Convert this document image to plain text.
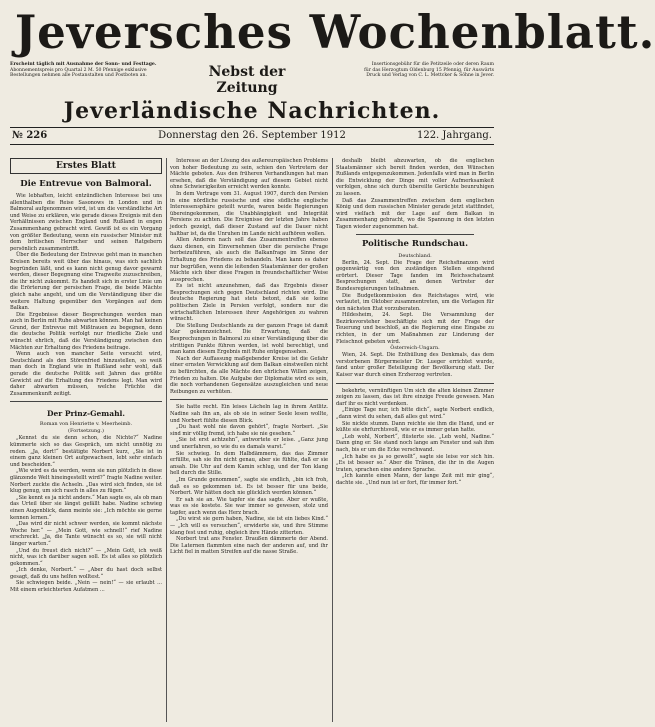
Jeversches Wochenblatt.
Erscheint täglich mit Ausnahme der Sonn- und Festtage.
Abonnementspreis pro Quartal 2 M. 50 Pfennige exklusive
Bestellungen nehmen alle Postanstalten und Postboten an.	Nebst der Zeitung
Insertionsgebühr für die Petitzeile oder deren Raum
für das Herzogtum Oldenburg 15 Pfennig, für Auswärts
Druck und Verlag von C. L. Mettcker & Söhne in Jever.
Jeverländische Nachrichten.
№ 226	Donnerstag den 26. September 1912	122. Jahrgang.
Erstes Blatt
Die Entrevue von Balmoral.

Wie lebhaften, leicht entzündlichen Interesse bei uns allenthalben die Reise Sasonows in London und in Balmoral aufgenommen wird, ist um die verständliche Art und Weise zu erklären, wie gerade dieses Ereignis mit den Verhältnissen zwischen England und Rußland in engen Zusammenhang gebracht wird. Gewiß ist es ein Vorgang von größter Bedeutung, wenn ein russischer Minister mit dem britischen Herrscher und seinen Ratgebern persönlich zusammentrifft.

Über die Bedeutung der Entrevue geht man in manchen Kreisen bereits weit über das hinaus, was sich sachlich begründen läßt, und es kann nicht genug davor gewarnt werden, dieser Begegnung eine Tragweite zuzuschreiben, die ihr nicht zukommt. Es handelt sich in erster Linie um die Erörterung der persischen Frage, die beide Mächte gleich nahe angeht, und um die Verständigung über die weitere Haltung gegenüber den Vorgängen auf dem Balkan.

Die Ergebnisse dieser Besprechungen werden man auch in Berlin mit Ruhe abwarten können. Man hat keinen Grund, der Entrevue mit Mißtrauen zu begegnen, denn die deutsche Politik verfolgt nur friedliche Ziele und wünscht ehrlich, daß die Verständigung zwischen den Mächten zur Erhaltung des Friedens beitrage.

Wenn auch von mancher Seite versucht wird, Deutschland als den Störenfried hinzustellen, so weiß man doch in England wie in Rußland sehr wohl, daß gerade die deutsche Politik seit Jahren das größte Gewicht auf die Erhaltung des Friedens legt. Man wird daher abwarten müssen, welche Früchte die Zusammenkunft zeitigt.

Der Prinz-Gemahl.
Roman von Henriette v. Meerheimb.
(Fortsetzung.)

„Kennst du sie denn schon, die Nichte?“ Nadine kümmerte sich so das Gespräch, um nicht unnötig zu reden. „Ja, dort!“ bestätigte Norbert kurz, „Sie ist in einem ganz kleinen Ort aufgewachsen, lebt sehr einfach und bescheiden.“

„Wie wird es da werden, wenn sie nun plötzlich in diese glänzende Welt hineingestellt wird?“ fragte Nadine weiter. Norbert zuckte die Achseln. „Das wird sich finden, sie ist klug genug, um sich rasch in alles zu fügen.“

„Sie kennt es ja nicht anders.“ Man sagte es, als ob man das Urteil über sie längst gefällt habe. Nadine schwieg einen Augenblick, dann meinte sie: „Ich möchte sie gerne kennen lernen.“

„Das wird dir nicht schwer werden, sie kommt nächste Woche her.“ — „Mein Gott, wie schnell!“ rief Nadine erschreckt. „Ja, die Tante wünscht es so, sie will nicht länger warten.“

„Und du freust dich nicht?“ — „Mein Gott, ich weiß nicht, was ich darüber sagen soll. Es ist alles so plötzlich gekommen.“

„Ich denke, Norbert.“ — „Aber du hast doch selbst gesagt, daß du uns helfen wolltest.“

Sie schwiegen beide. „Nein — nein!“ — sie erlaubt ... Mit einem erleichterten Aufatmen ...

Interesse an der Lösung des außereuropäischen Problems von hoher Bedeutung zu sein, schien den Vertretern der Mächte geboten. Aus den früheren Verhandlungen hat man ersehen, daß die Verständigung auf diesem Gebiet nicht ohne Schwierigkeiten erreicht werden konnte.

In dem Vertrage vom 31. August 1907, durch den Persien in eine nördliche russische und eine südliche englische Interessensphäre geteilt wurde, waren beide Regierungen übereingekommen, die Unabhängigkeit und Integrität Persiens zu achten. Die Ereignisse der letzten Jahre haben jedoch gezeigt, daß dieser Zustand auf die Dauer nicht haltbar ist, da die Unruhen im Lande nicht aufhören wollen.

Allen Anderen nach soll das Zusammentreffen ebenso dazu dienen, ein Einvernehmen über die persische Frage herbeizuführen, als auch die Balkanfrage im Sinne der Erhaltung des Friedens zu behandeln. Man kann es daher nur begrüßen, wenn die leitenden Staatsmänner der großen Mächte sich über diese Fragen in freundschaftlicher Weise aussprechen.

Es ist nicht anzunehmen, daß das Ergebnis dieser Besprechungen sich gegen Deutschland richten wird. Die deutsche Regierung hat stets betont, daß sie keine politischen Ziele in Persien verfolgt, sondern nur die wirtschaftlichen Interessen ihrer Angehörigen zu wahren wünscht.

Die Stellung Deutschlands zu der ganzen Frage ist damit klar gekennzeichnet. Die Erwartung, daß die Besprechungen in Balmoral zu einer Verständigung über die strittigen Punkte führen werden, ist wohl berechtigt, und man kann diesem Ergebnis mit Ruhe entgegensehen.

Nach der Auffassung maßgebender Kreise ist die Gefahr einer ernsten Verwicklung auf dem Balkan einstweilen nicht zu befürchten, da alle Mächte den ehrlichen Willen zeigen, Frieden zu halten. Die Aufgabe der Diplomatie wird es sein, die noch vorhandenen Gegensätze auszugleichen und neue Reibungen zu verhüten.

Sie hatte recht. Ein leises Lächeln lag in ihrem Antlitz. Nadine sah ihn an, als ob sie in seiner Seele lesen wollte, und Norbert fühlte diesen Blick.

„Du hast wohl nie davon gehört“, fragte Norbert. „Sie sind mir völlig fremd, ich habe sie nie gesehen.“

„Sie ist erst achtzehn“, antwortete er leise. „Ganz jung und unerfahren, so wie du es damals warst.“

Sie schwieg. In dem Halbdämmern, das das Zimmer erfüllte, sah sie ihn nicht genau, aber sie fühlte, daß er sie ansah. Die Uhr auf dem Kamin schlug, und der Ton klang hell durch die Stille.

„Im Grunde genommen“, sagte sie endlich, „bin ich froh, daß es so gekommen ist. Es ist besser für uns beide, Norbert. Wir hätten doch nie glücklich werden können.“

Er sah sie an. Wie tapfer sie das sagte. Aber er wußte, was es sie kostete. Sie war immer so gewesen, stolz und tapfer, auch wenn das Herz brach.

„Du wirst sie gern haben, Nadine, sie ist ein liebes Kind.“ — „Ich will es versuchen“, erwiderte sie, und ihre Stimme klang fest und ruhig, obgleich ihre Hände zitterten.

Norbert trat ans Fenster. Draußen dämmerte der Abend. Die Laternen flammten eine nach der anderen auf, und ihr Licht fiel in matten Streifen auf die nasse Straße.

deshalb bleibt abzuwarten, ob die englischen Staatsmänner sich bereit finden werden, den Wünschen Rußlands entgegenzukommen. Jedenfalls wird man in Berlin die Entwicklung der Dinge mit voller Aufmerksamkeit verfolgen, ohne sich durch übereilte Gerüchte beunruhigen zu lassen.

Daß das Zusammentreffen zwischen dem englischen König und dem russischen Minister gerade jetzt stattfindet, wird vielfach mit der Lage auf dem Balkan in Zusammenhang gebracht, wo die Spannung in den letzten Tagen wieder zugenommen hat.

Politische Rundschau.
Deutschland.

Berlin, 24. Sept. Die Frage der Reichsfinanzen wird gegenwärtig von den zuständigen Stellen eingehend erörtert. Dieser Tage fanden im Reichsschatzamt Besprechungen statt, an denen Vertreter der Bundesregierungen teilnahmen.

Die Budgetkommission des Reichstages wird, wie verlautet, im Oktober zusammentreten, um die Vorlagen für den nächsten Etat vorzuberaten.

Hildesheim, 24. Sept. Die Versammlung der Bezirksvorsteher beschäftigte sich mit der Frage der Teuerung und beschloß, an die Regierung eine Eingabe zu richten, in der um Maßnahmen zur Linderung der Fleischnot gebeten wird.

Österreich-Ungarn.

Wien, 24. Sept. Die Enthüllung des Denkmals, das dem verstorbenen Bürgermeister Dr. Lueger errichtet wurde, fand unter großer Beteiligung der Bevölkerung statt. Der Kaiser war durch einen Erzherzog vertreten.

bekehrte, vernünftigen Um sich die alten kleinen Zimmer zeigen zu lassen, das ist ihre einzige Freude gewesen. Man darf ihr es nicht verdenken.

„Einige Tage nur, ich bitte dich“, sagte Norbert endlich, „dann wirst du sehen, daß alles gut wird.“

Sie nickte stumm. Dann reichte sie ihm die Hand, und er küßte sie ehrfurchtsvoll, wie er es immer getan hatte.

„Leb wohl, Norbert“, flüsterte sie. „Leb wohl, Nadine.“ Dann ging er. Sie stand noch lange am Fenster und sah ihm nach, bis er um die Ecke verschwand.

„Ich habe es ja so gewollt“, sagte sie leise vor sich hin. „Es ist besser so.“ Aber die Tränen, die ihr in die Augen traten, sprachen eine andere Sprache.

„Ich kannte einen Mann, der lange Zeit mit mir ging“, dachte sie. „Und nun ist er fort, für immer fort.“
